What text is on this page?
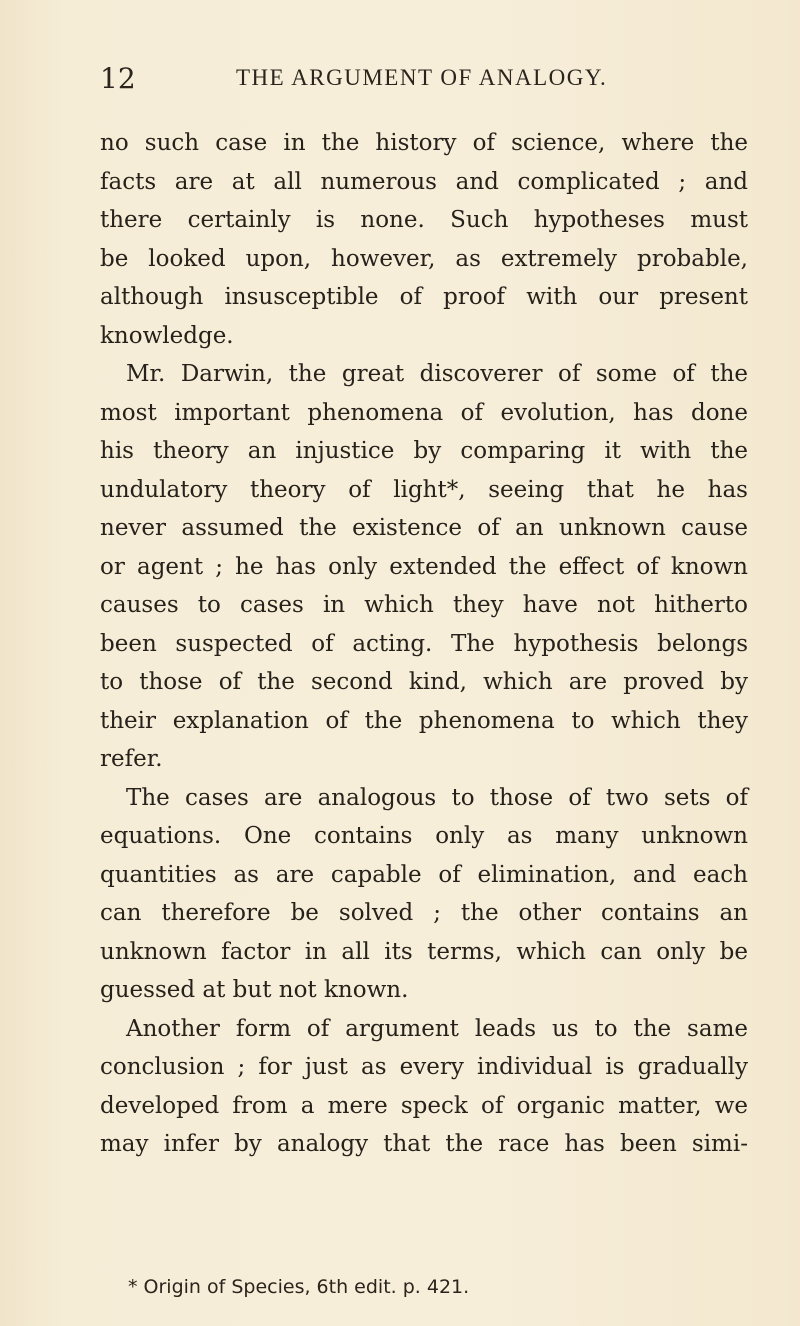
12	THE ARGUMENT OF ANALOGY.
no such case in the history of science, where the
facts are at all numerous and complicated ; and
there certainly is none. Such hypotheses must
be looked upon, however, as extremely probable,
although insusceptible of proof with our present
knowledge.
Mr. Darwin, the great discoverer of some of the
most important phenomena of evolution, has done
his theory an injustice by comparing it with the
undulatory theory of light*, seeing that he has
never assumed the existence of an unknown cause
or agent ; he has only extended the effect of known
causes to cases in which they have not hitherto
been suspected of acting. The hypothesis belongs
to those of the second kind, which are proved by
their explanation of the phenomena to which they
refer.
The cases are analogous to those of two sets of
equations. One contains only as many unknown
quantities as are capable of elimination, and each
can therefore be solved ; the other contains an
unknown factor in all its terms, which can only be
guessed at but not known.
Another form of argument leads us to the same
conclusion ; for just as every individual is gradually
developed from a mere speck of organic matter, we
may infer by analogy that the race has been simi-
* Origin of Species, 6th edit. p. 421.
